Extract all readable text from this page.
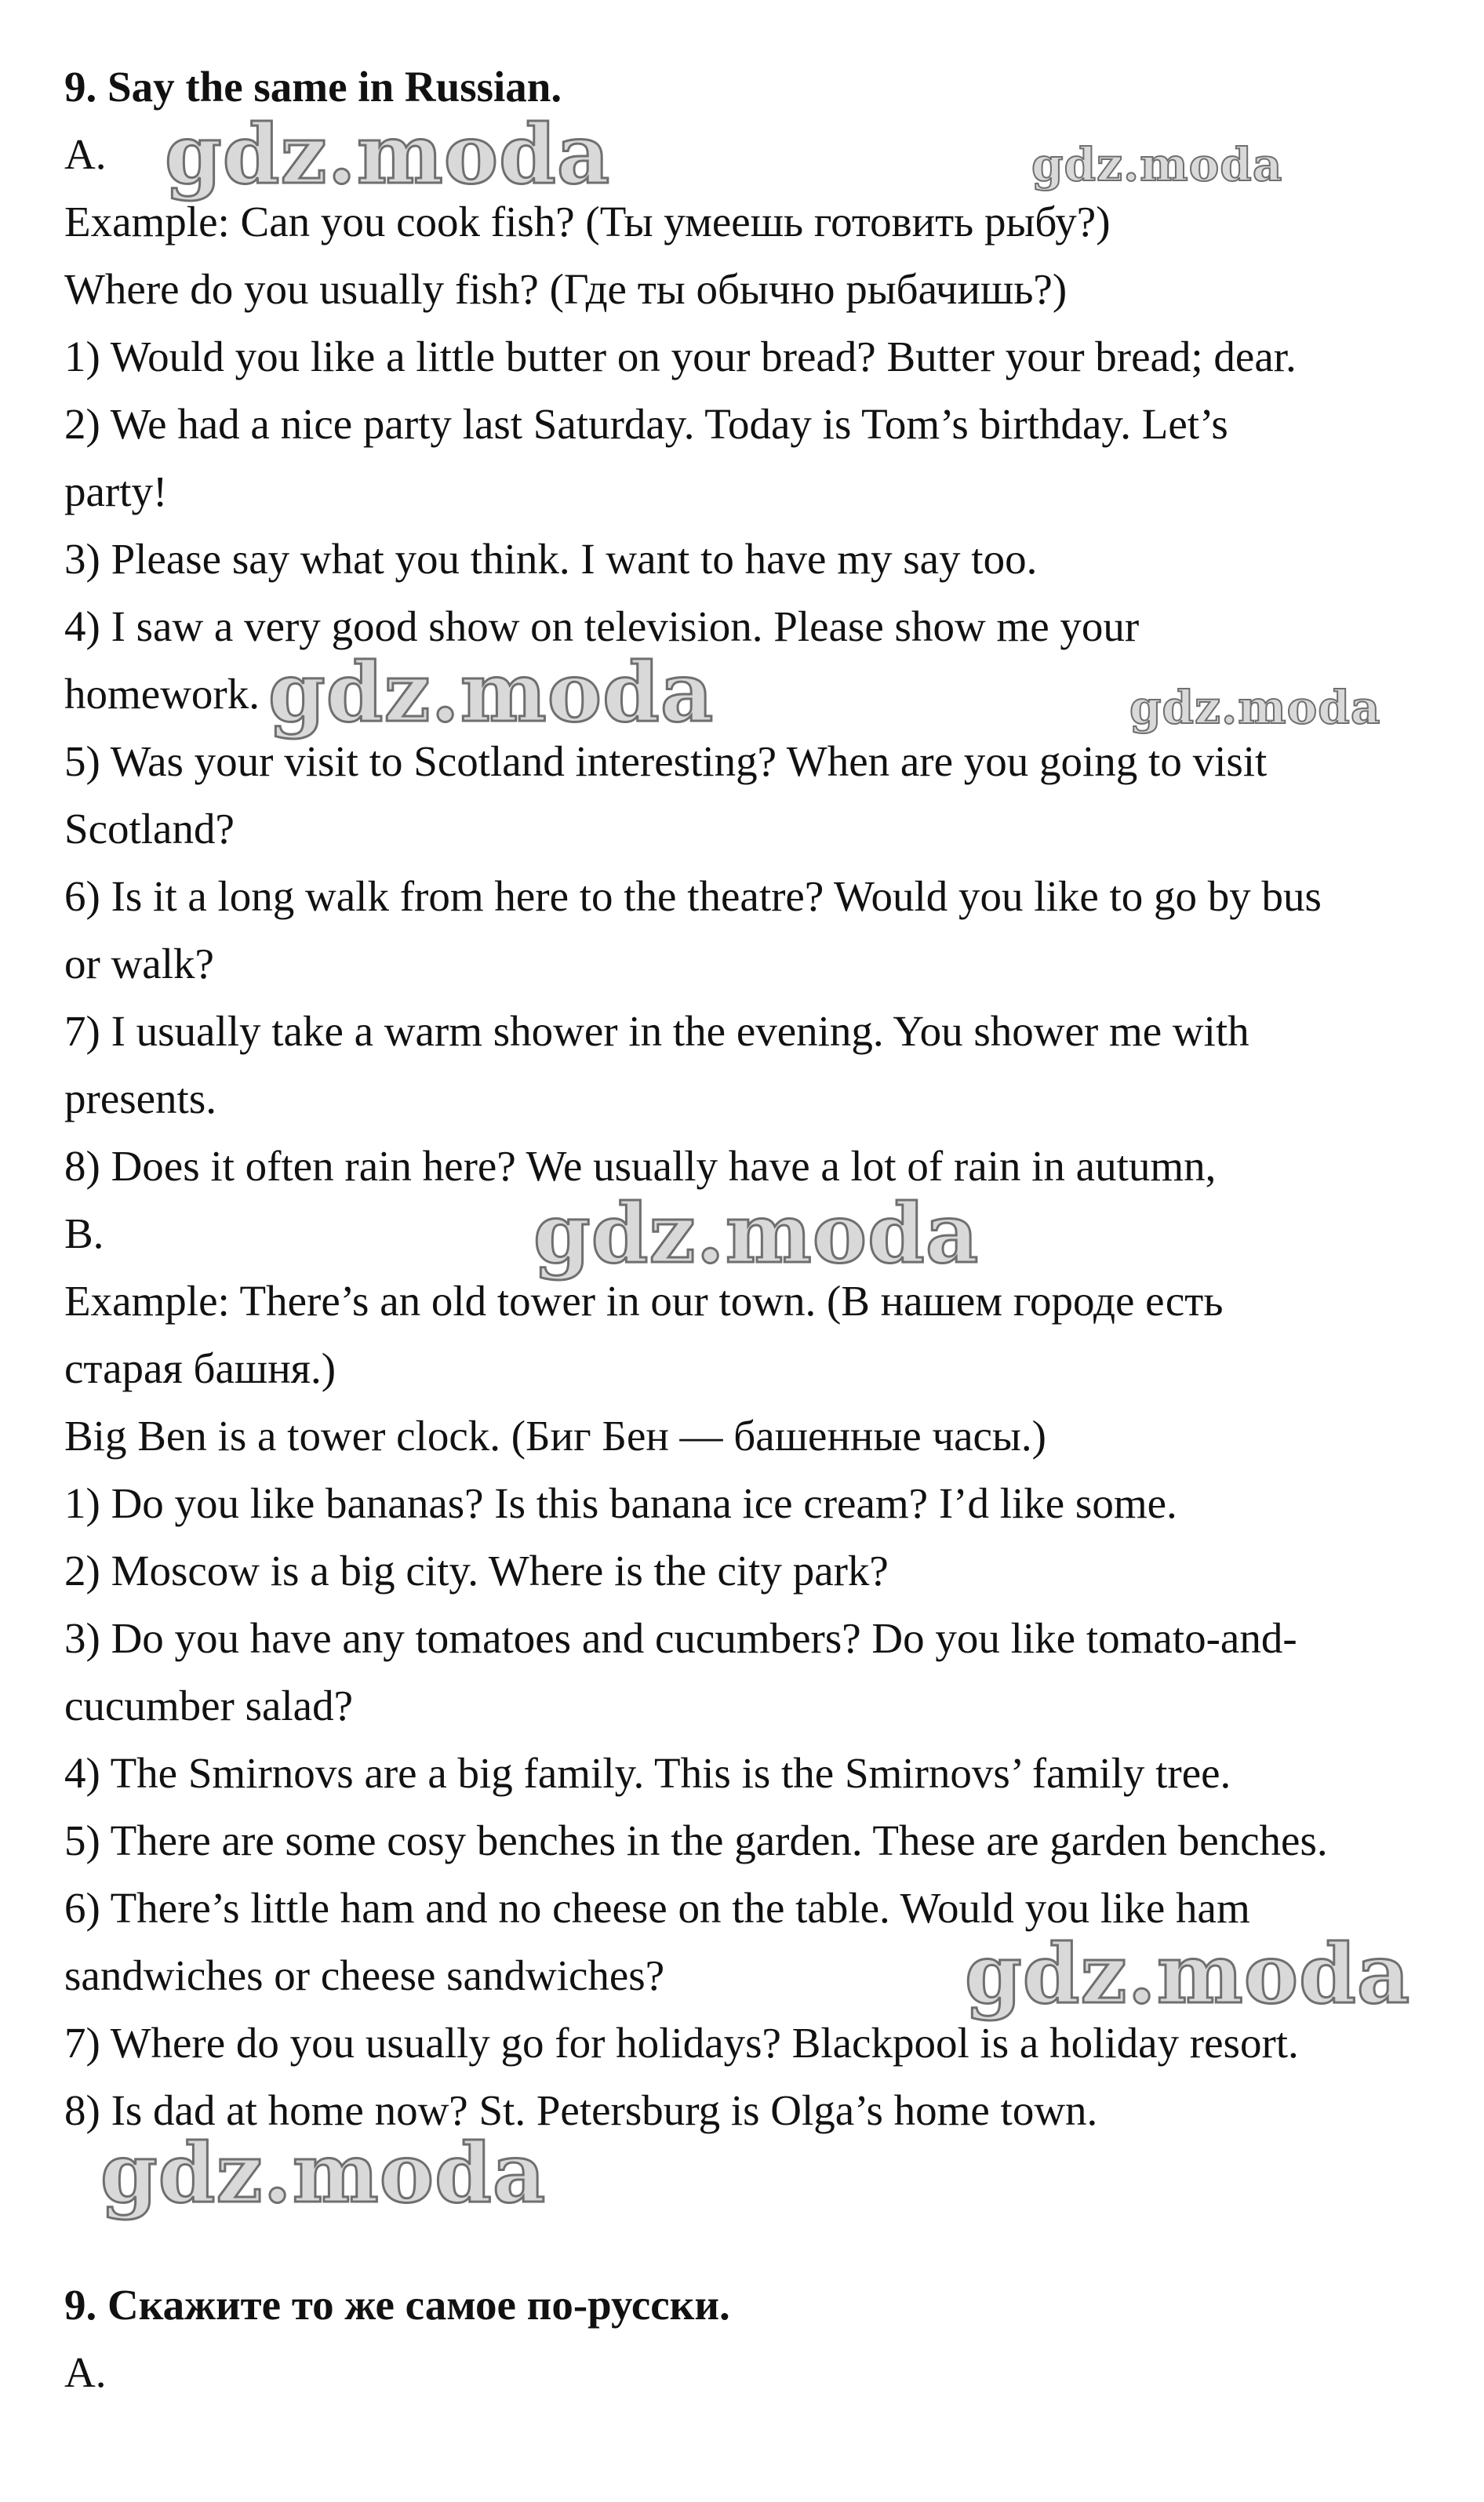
9. Say the same in Russian.
A.
Example: Can you cook fish? (Ты умеешь готовить рыбу?)
Where do you usually fish? (Где ты обычно рыбачишь?)
1) Would you like a little butter on your bread? Butter your bread; dear.
2) We had a nice party last Saturday. Today is Tom’s birthday. Let’s
party!
3) Please say what you think. I want to have my say too.
4) I saw a very good show on television. Please show me your
homework.
5) Was your visit to Scotland interesting? When are you going to visit
Scotland?
6) Is it a long walk from here to the theatre? Would you like to go by bus
or walk?
7) I usually take a warm shower in the evening. You shower me with
presents.
8) Does it often rain here? We usually have a lot of rain in autumn,
B.
Example: There’s an old tower in our town. (В нашем городе есть
старая башня.)
Big Ben is a tower clock. (Биг Бен — башенные часы.)
1) Do you like bananas? Is this banana ice cream? I’d like some.
2) Moscow is a big city. Where is the city park?
3) Do you have any tomatoes and cucumbers? Do you like tomato-and-
cucumber salad?
4) The Smirnovs are a big family. This is the Smirnovs’ family tree.
5) There are some cosy benches in the garden. These are garden benches.
6) There’s little ham and no cheese on the table. Would you like ham
sandwiches or cheese sandwiches?
7) Where do you usually go for holidays? Blackpool is a holiday resort.
8) Is dad at home now? St. Petersburg is Olga’s home town.
9. Скажите то же самое по-русски.
А.
gdz.moda	gdz.moda
gdz.moda	gdz.moda
gdz.moda
gdz.moda
gdz.moda
